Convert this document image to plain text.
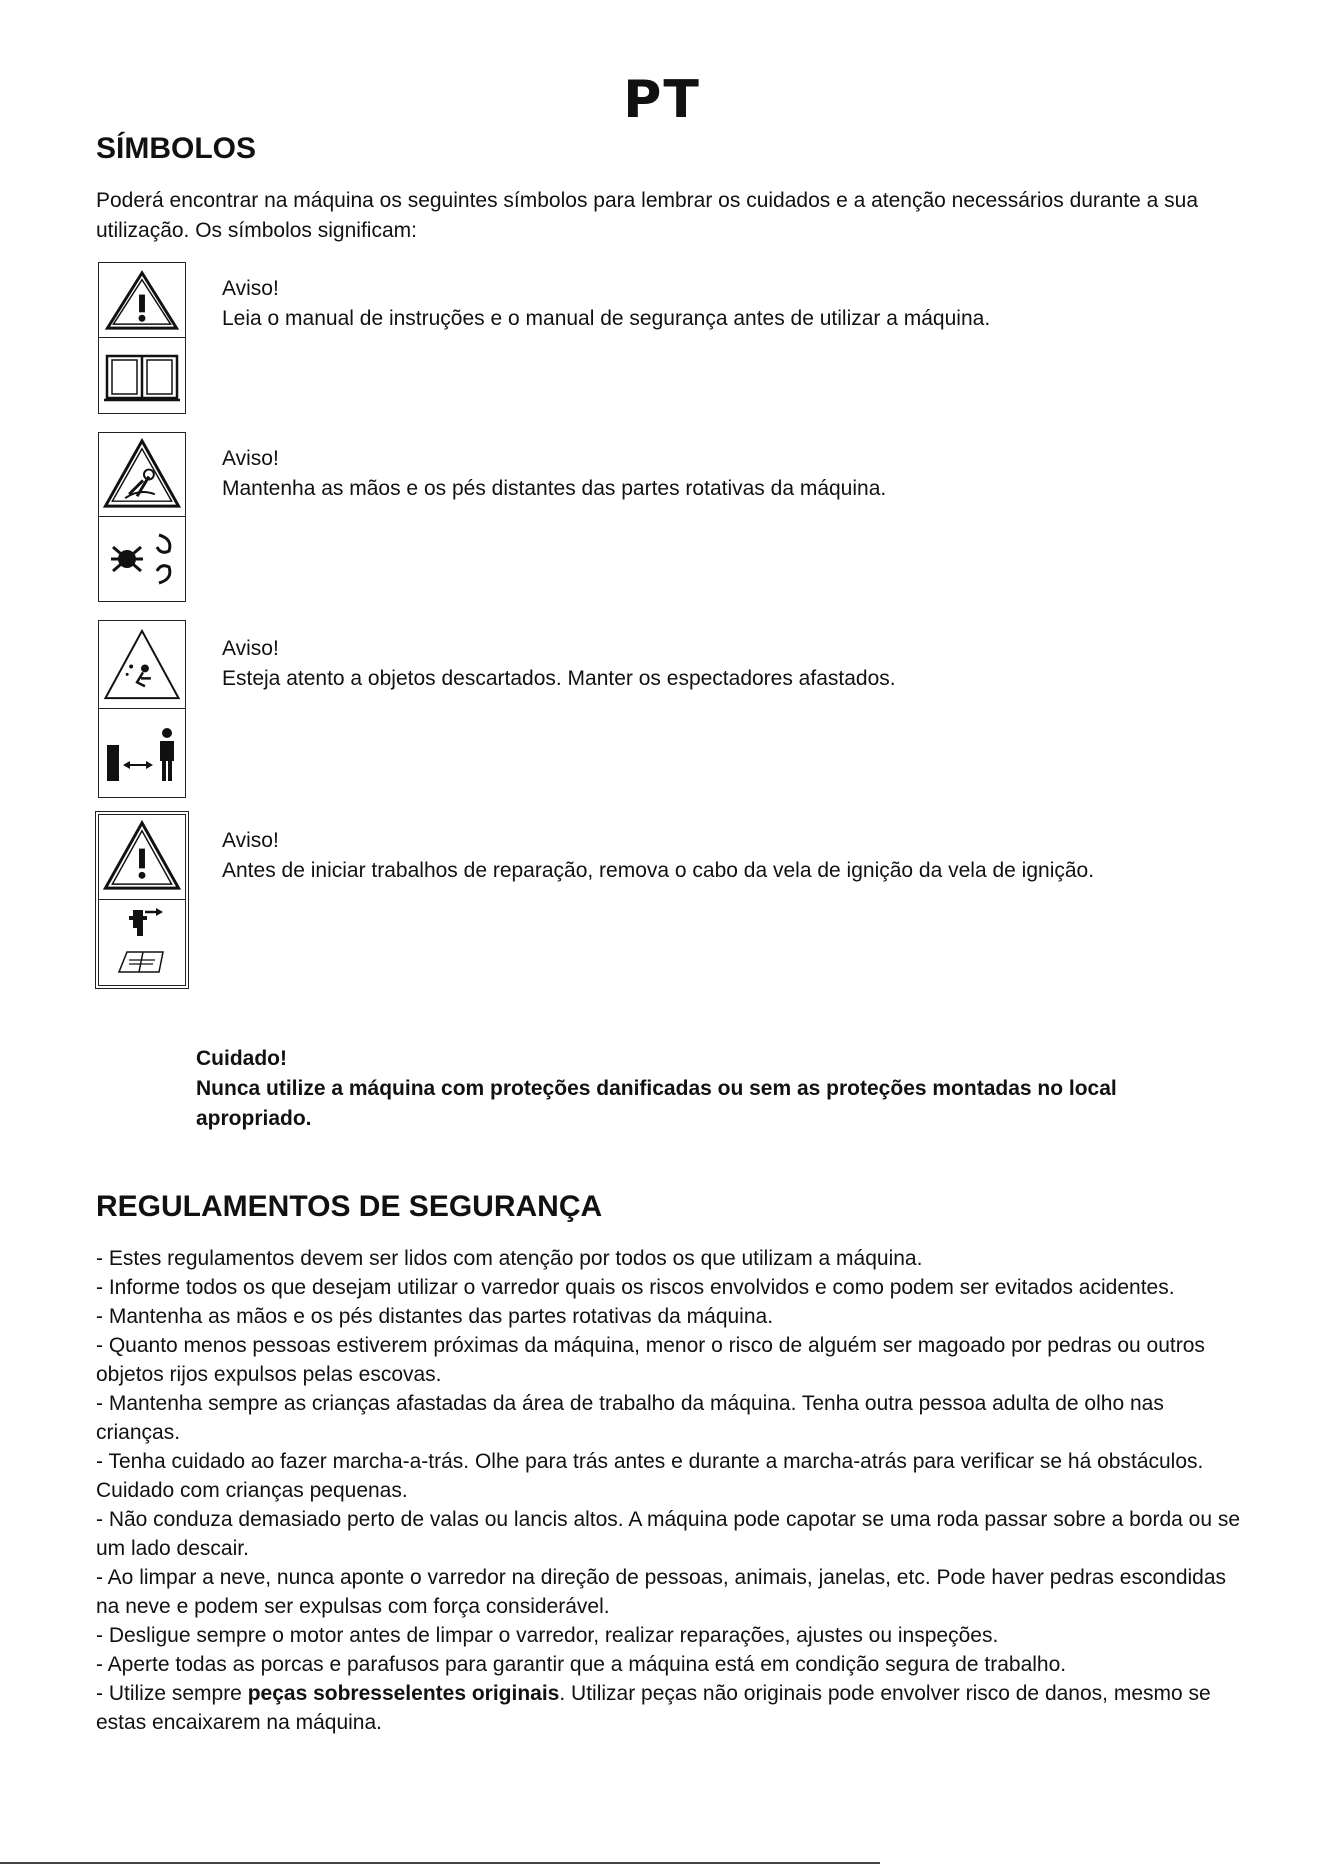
PT
SÍMBOLOS

Poderá encontrar na máquina os seguintes símbolos para lembrar os cuidados e a atenção necessários durante a sua utilização. Os símbolos significam:

Aviso!
Leia o manual de instruções e o manual de segurança antes de utilizar a máquina.
Aviso!
Mantenha as mãos e os pés distantes das partes rotativas da máquina.
Aviso!
Esteja atento a objetos descartados. Manter os espectadores afastados.
Aviso!
Antes de iniciar trabalhos de reparação, remova o cabo da vela de ignição da vela de ignição.
Cuidado!
Nunca utilize a máquina com proteções danificadas ou sem as proteções montadas no local apropriado.
REGULAMENTOS DE SEGURANÇA
- Estes regulamentos devem ser lidos com atenção por todos os que utilizam a máquina.
- Informe todos os que desejam utilizar o varredor quais os riscos envolvidos e como podem ser evitados acidentes.
- Mantenha as mãos e os pés distantes das partes rotativas da máquina.
- Quanto menos pessoas estiverem próximas da máquina, menor o risco de alguém ser magoado por pedras ou outros objetos rijos expulsos pelas escovas.
- Mantenha sempre as crianças afastadas da área de trabalho da máquina. Tenha outra pessoa adulta de olho nas crianças.
- Tenha cuidado ao fazer marcha-a-trás. Olhe para trás antes e durante a marcha-atrás para verificar se há obstáculos. Cuidado com crianças pequenas.
- Não conduza demasiado perto de valas ou lancis altos. A máquina pode capotar se uma roda passar sobre a borda ou se um lado descair.
- Ao limpar a neve, nunca aponte o varredor na direção de pessoas, animais, janelas, etc. Pode haver pedras escondidas na neve e podem ser expulsas com força considerável.
- Desligue sempre o motor antes de limpar o varredor, realizar reparações, ajustes ou inspeções.
- Aperte todas as porcas e parafusos para garantir que a máquina está em condição segura de trabalho.
- Utilize sempre peças sobresselentes originais. Utilizar peças não originais pode envolver risco de danos, mesmo se estas encaixarem na máquina.
